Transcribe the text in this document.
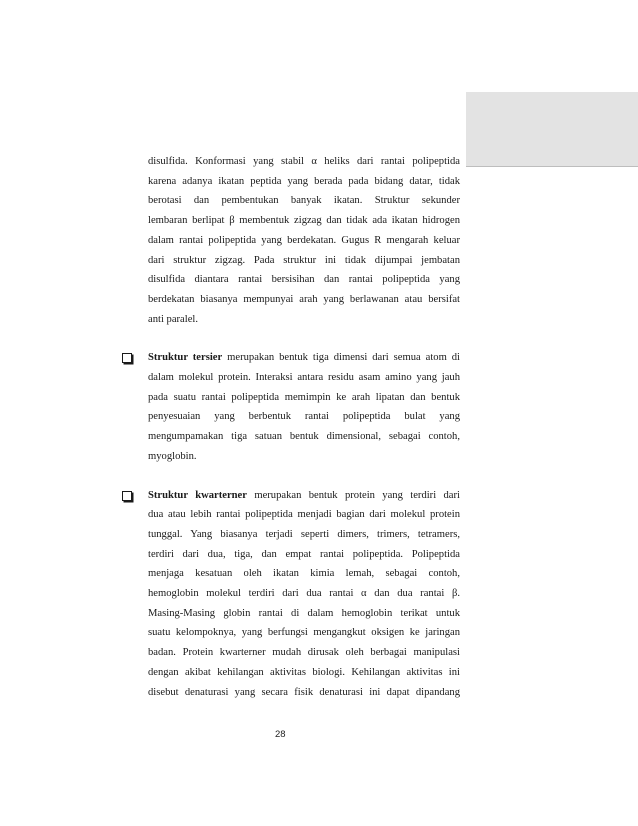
disulfida. Konformasi yang stabil α heliks dari rantai polipeptida
karena adanya ikatan peptida yang berada pada bidang datar, tidak
berotasi dan pembentukan banyak ikatan. Struktur sekunder
lembaran berlipat β membentuk zigzag dan tidak ada ikatan hidrogen
dalam rantai polipeptida yang berdekatan. Gugus R mengarah keluar
dari struktur zigzag. Pada struktur ini tidak dijumpai jembatan
disulfida diantara rantai bersisihan dan rantai polipeptida yang
berdekatan biasanya mempunyai arah yang berlawanan atau bersifat
anti paralel.
Struktur tersier merupakan bentuk tiga dimensi dari semua atom di
dalam molekul protein. Interaksi antara residu asam amino yang jauh
pada suatu rantai polipeptida memimpin ke arah lipatan dan bentuk
penyesuaian yang berbentuk rantai polipeptida bulat yang
mengumpamakan tiga satuan bentuk dimensional, sebagai contoh,
myoglobin.
Struktur kwarterner merupakan bentuk protein yang terdiri dari
dua atau lebih rantai polipeptida menjadi bagian dari molekul protein
tunggal. Yang biasanya terjadi seperti dimers, trimers, tetramers,
terdiri dari dua, tiga, dan empat rantai polipeptida. Polipeptida
menjaga kesatuan oleh ikatan kimia lemah, sebagai contoh,
hemoglobin molekul terdiri dari dua rantai α dan dua rantai β.
Masing-Masing globin rantai di dalam hemoglobin terikat untuk
suatu kelompoknya, yang berfungsi mengangkut oksigen ke jaringan
badan. Protein kwarterner mudah dirusak oleh berbagai manipulasi
dengan akibat kehilangan aktivitas biologi. Kehilangan aktivitas ini
disebut denaturasi yang secara fisik denaturasi ini dapat dipandang
28
